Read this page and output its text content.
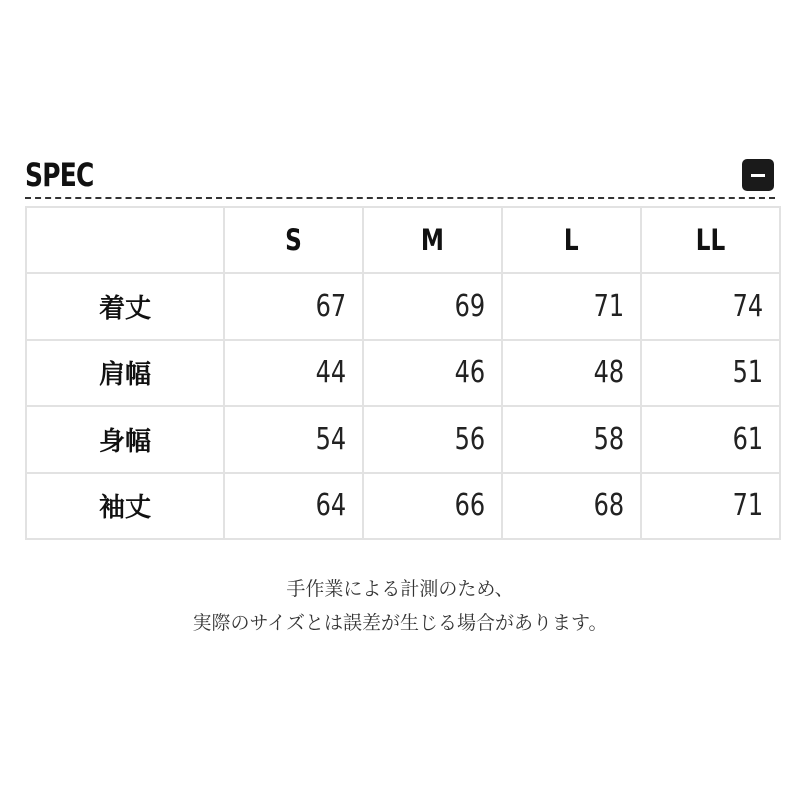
SPEC
	S	M	L	LL
着丈	67	69	71	74
肩幅	44	46	48	51
身幅	54	56	58	61
袖丈	64	66	68	71
手作業による計測のため、
実際のサイズとは誤差が生じる場合があります。
